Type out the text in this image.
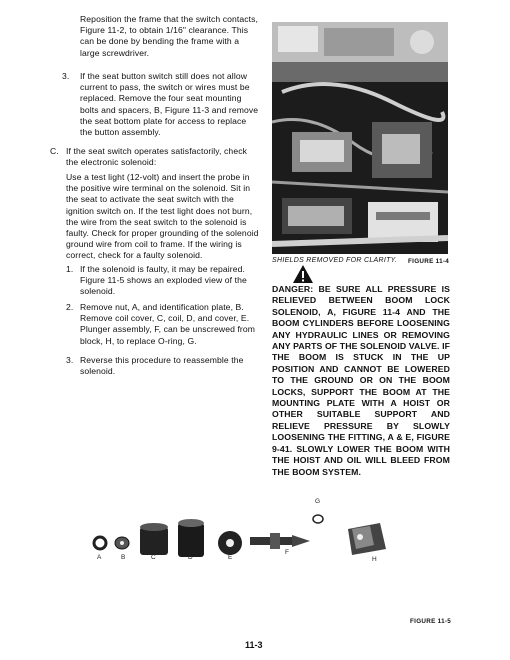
Reposition the frame that the switch contacts, Figure 11-2, to obtain 1/16" clearance. This can be done by bending the frame with a large screwdriver.

3. If the seat button switch still does not allow current to pass, the switch or wires must be replaced. Remove the four seat mounting bolts and spacers, B, Figure 11-3 and remove the seat bottom plate for access to replace the button assembly.

C. If the seat switch operates satisfactorily, check the electronic solenoid:

Use a test light (12-volt) and insert the probe in the positive wire terminal on the solenoid. Sit in the seat to activate the seat switch with the ignition switch on. If the test light does not burn, the wire from the seat switch to the solenoid is faulty. Check for proper grounding of the solenoid ground wire from coil to frame. If the wiring is correct, check for a faulty solenoid.

1. If the solenoid is faulty, it may be repaired. Figure 11-5 shows an exploded view of the solenoid.

2. Remove nut, A, and identification plate, B. Remove coil cover, C, coil, D, and cover, E. Plunger assembly, F, can be unscrewed from block, H, to replace O-ring, G.

3. Reverse this procedure to reassemble the solenoid.

SHIELDS REMOVED FOR CLARITY. FIGURE 11-4
DANGER: BE SURE ALL PRESSURE IS RELIEVED BETWEEN BOOM LOCK SOLENOID, A, FIGURE 11-4 AND THE BOOM CYLINDERS BEFORE LOOSENING ANY HYDRAULIC LINES OR REMOVING ANY PARTS OF THE SOLENOID VALVE. IF THE BOOM IS STUCK IN THE UP POSITION AND CANNOT BE LOWERED TO THE GROUND OR ON THE BOOM LOCKS, SUPPORT THE BOOM AT THE MOUNTING PLATE WITH A HOIST OR OTHER SUITABLE SUPPORT AND RELIEVE PRESSURE BY SLOWLY LOOSENING THE FITTING, A & E, FIGURE 9-41. SLOWLY LOWER THE BOOM WITH THE HOIST AND OIL WILL BLEED FROM THE BOOM SYSTEM.
A	B	C	D	E
F
G
H
FIGURE 11-5
11-3
